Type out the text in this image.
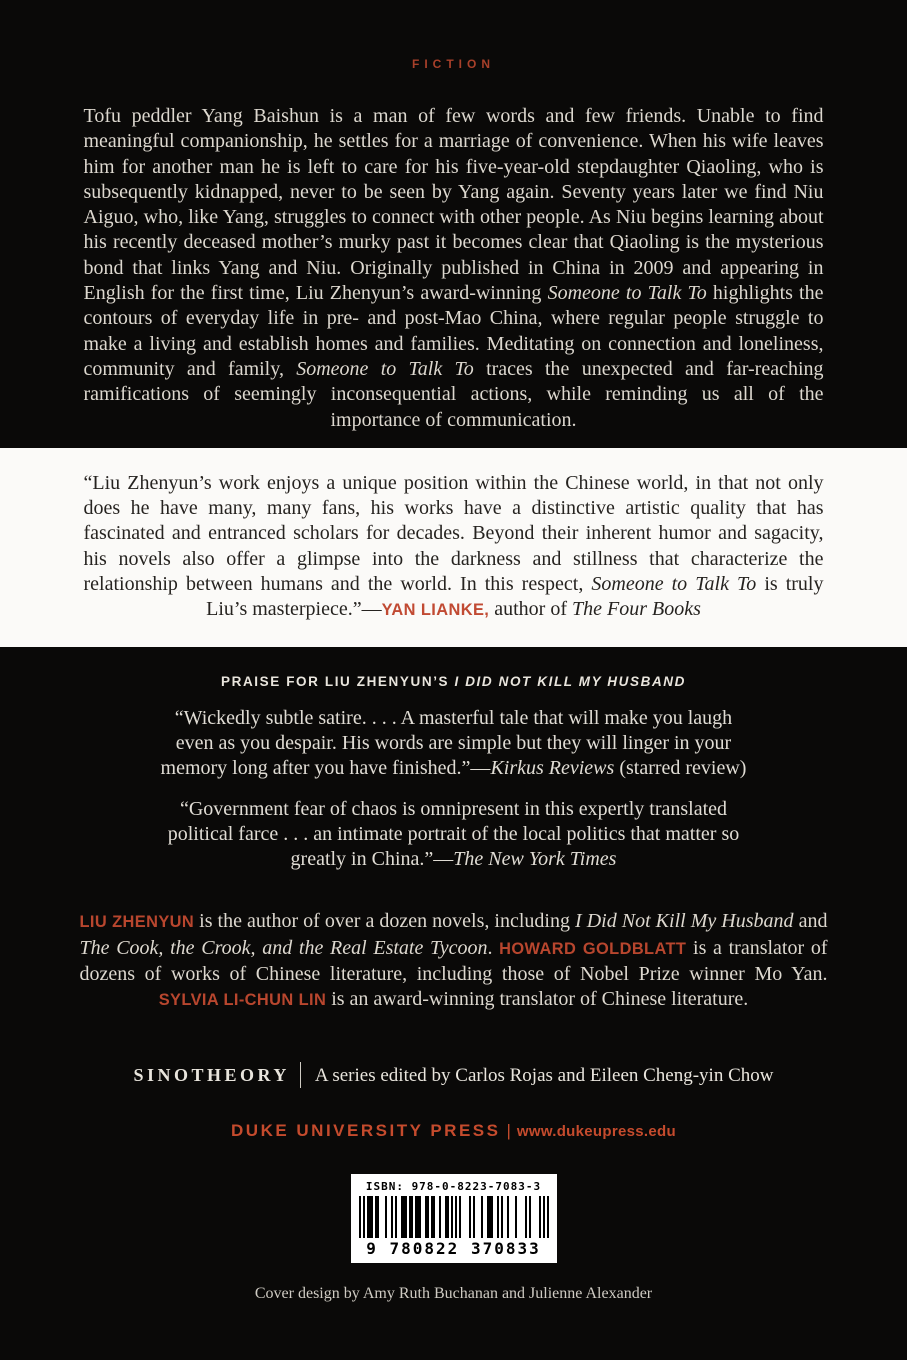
FICTION

Tofu peddler Yang Baishun is a man of few words and few friends. Unable to find meaningful companionship, he settles for a marriage of convenience. When his wife leaves him for another man he is left to care for his five-year-old stepdaughter Qiaoling, who is subsequently kidnapped, never to be seen by Yang again. Seventy years later we find Niu Aiguo, who, like Yang, struggles to connect with other people. As Niu begins learning about his recently deceased mother’s murky past it becomes clear that Qiaoling is the mysterious bond that links Yang and Niu. Originally published in China in 2009 and appearing in English for the first time, Liu Zhenyun’s award-winning Someone to Talk To highlights the contours of everyday life in pre- and post-Mao China, where regular people struggle to make a living and establish homes and families. Meditating on connection and loneliness, community and family, Someone to Talk To traces the unexpected and far-reaching ramifications of seemingly inconsequential actions, while reminding us all of the importance of communication.

“Liu Zhenyun’s work enjoys a unique position within the Chinese world, in that not only does he have many, many fans, his works have a distinctive artistic quality that has fascinated and entranced scholars for decades. Beyond their inherent humor and sagacity, his novels also offer a glimpse into the darkness and stillness that characterize the relationship between humans and the world. In this respect, Someone to Talk To is truly Liu’s masterpiece.”—YAN LIANKE, author of The Four Books

PRAISE FOR LIU ZHENYUN’S I DID NOT KILL MY HUSBAND
“Wickedly subtle satire. . . . A masterful tale that will make you laugh
even as you despair. His words are simple but they will linger in your
memory long after you have finished.”—Kirkus Reviews (starred review)
“Government fear of chaos is omnipresent in this expertly translated
political farce . . . an intimate portrait of the local politics that matter so
greatly in China.”—The New York Times

LIU ZHENYUN is the author of over a dozen novels, including I Did Not Kill My Husband and The Cook, the Crook, and the Real Estate Tycoon. HOWARD GOLDBLATT is a translator of dozens of works of Chinese literature, including those of Nobel Prize winner Mo Yan. SYLVIA LI-CHUN LIN is an award-winning translator of Chinese literature.

SINOTHEORY A series edited by Carlos Rojas and Eileen Cheng-yin Chow
DUKE UNIVERSITY PRESS | www.dukeupress.edu
ISBN: 978-0-8223-7083-3
9 780822 370833
Cover design by Amy Ruth Buchanan and Julienne Alexander
